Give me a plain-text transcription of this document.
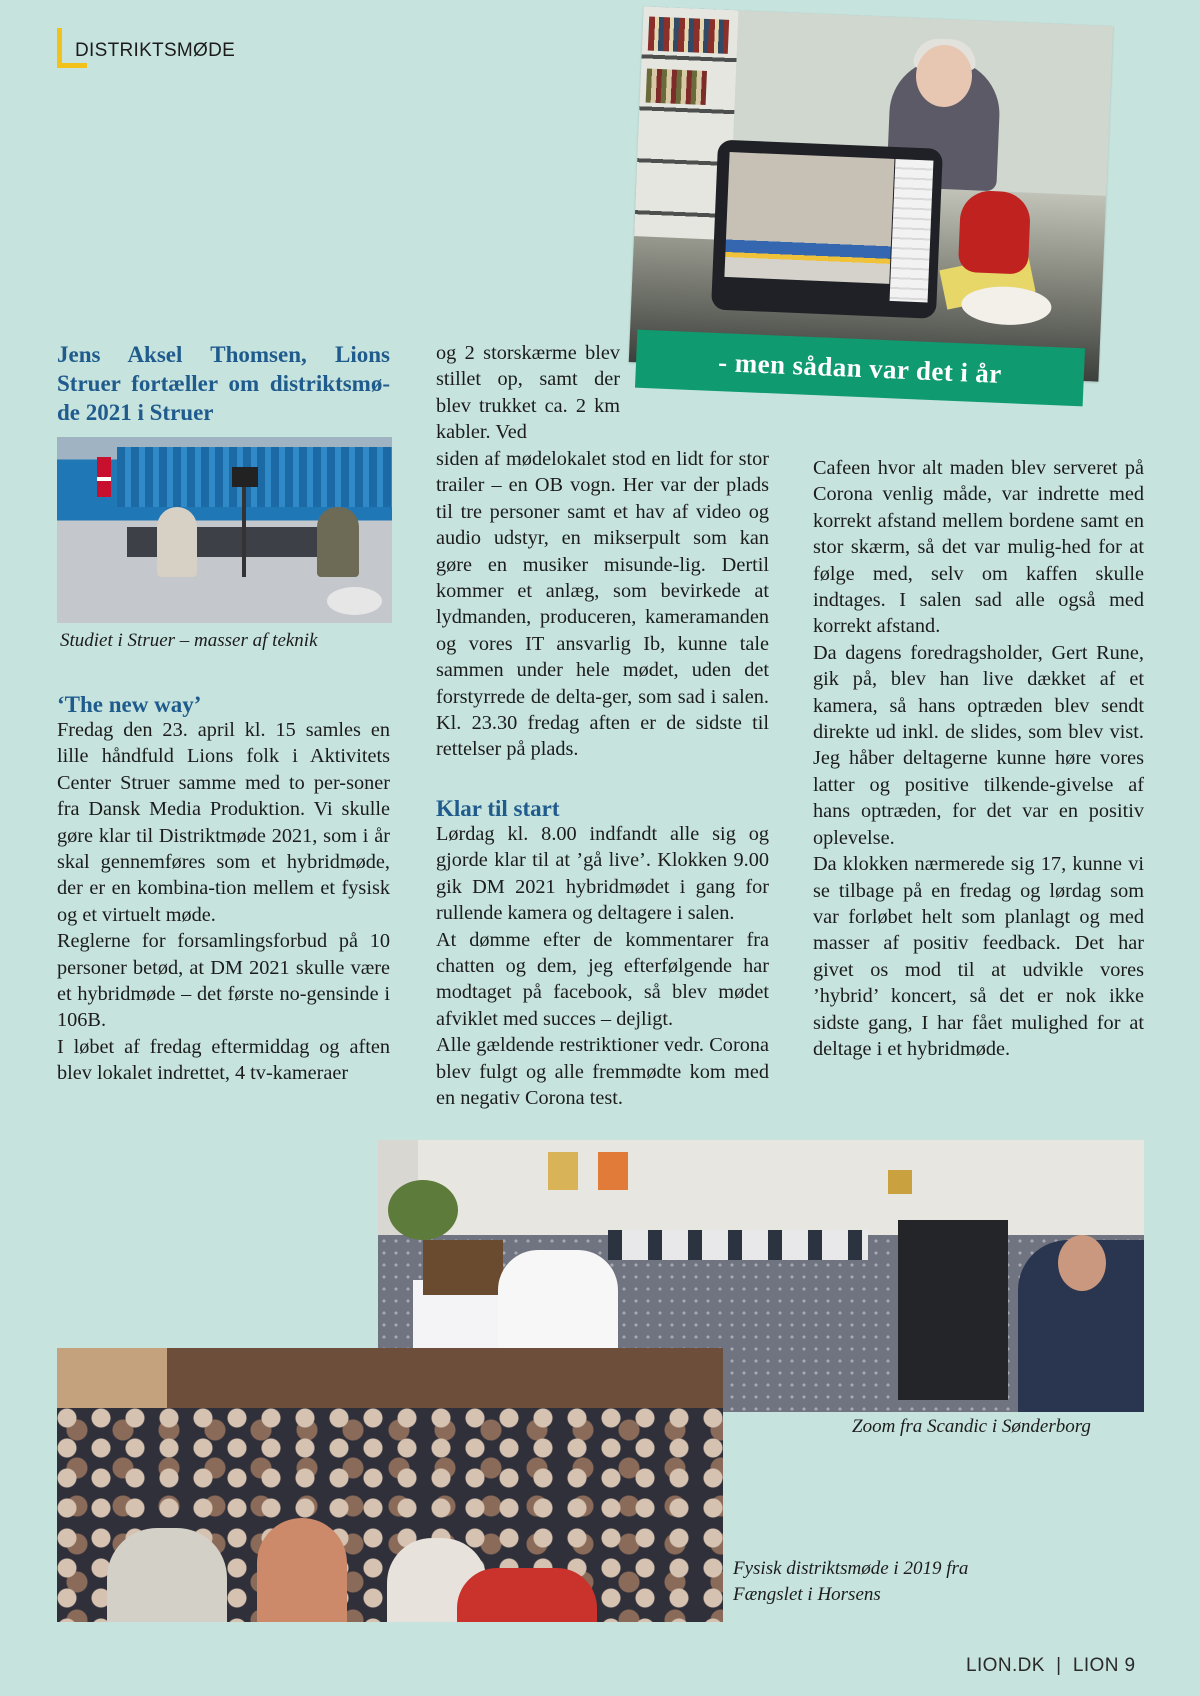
DISTRIKTSMØDE
- men sådan var det i år
Jens Aksel Thomsen, Lions Struer fortæller om distriktsmø-de 2021 i Struer
Studiet i Struer – masser af teknik
‘The new way’

Fredag den 23. april kl. 15 samles en lille håndfuld Lions folk i Aktivitets Center Struer samme med to per-soner fra Dansk Media Produktion. Vi skulle gøre klar til Distriktmøde 2021, som i år skal gennemføres som et hybridmøde, der er en kombina-tion mellem et fysisk og et virtuelt møde.

Reglerne for forsamlingsforbud på 10 personer betød, at DM 2021 skulle være et hybridmøde – det første no-gensinde i 106B.

I løbet af fredag eftermiddag og aften blev lokalet indrettet, 4 tv-kameraer

og 2 storskærme blev stillet op, samt der blev trukket ca. 2 km kabler. Ved

siden af mødelokalet stod en lidt for stor trailer – en OB vogn. Her var der plads til tre personer samt et hav af video og audio udstyr, en mikserpult som kan gøre en musiker misunde-lig. Dertil kommer et anlæg, som bevirkede at lydmanden, produceren, kameramanden og vores IT ansvarlig Ib, kunne tale sammen under hele mødet, uden det forstyrrede de delta-ger, som sad i salen. Kl. 23.30 fredag aften er de sidste til rettelser på plads.

Klar til start

Lørdag kl. 8.00 indfandt alle sig og gjorde klar til at ’gå live’. Klokken 9.00 gik DM 2021 hybridmødet i gang for rullende kamera og deltagere i salen.

At dømme efter de kommentarer fra chatten og dem, jeg efterfølgende har modtaget på facebook, så blev mødet afviklet med succes – dejligt.

Alle gældende restriktioner vedr. Corona blev fulgt og alle fremmødte kom med en negativ Corona test.

Cafeen hvor alt maden blev serveret på Corona venlig måde, var indrette med korrekt afstand mellem bordene samt en stor skærm, så det var mulig-hed for at følge med, selv om kaffen skulle indtages. I salen sad alle også med korrekt afstand.

Da dagens foredragsholder, Gert Rune, gik på, blev han live dækket af et kamera, så hans optræden blev sendt direkte ud inkl. de slides, som blev vist. Jeg håber deltagerne kunne høre vores latter og positive tilkende-givelse af hans optræden, for det var en positiv oplevelse.

Da klokken nærmerede sig 17, kunne vi se tilbage på en fredag og lørdag som var forløbet helt som planlagt og med masser af positiv feedback. Det har givet os mod til at udvikle vores ’hybrid’ koncert, så det er nok ikke sidste gang, I har fået mulighed for at deltage i et hybridmøde.

Zoom fra Scandic i Sønderborg
Fysisk distriktsmøde i 2019 fra
Fængslet i Horsens
LION.DK  |  LION 9
